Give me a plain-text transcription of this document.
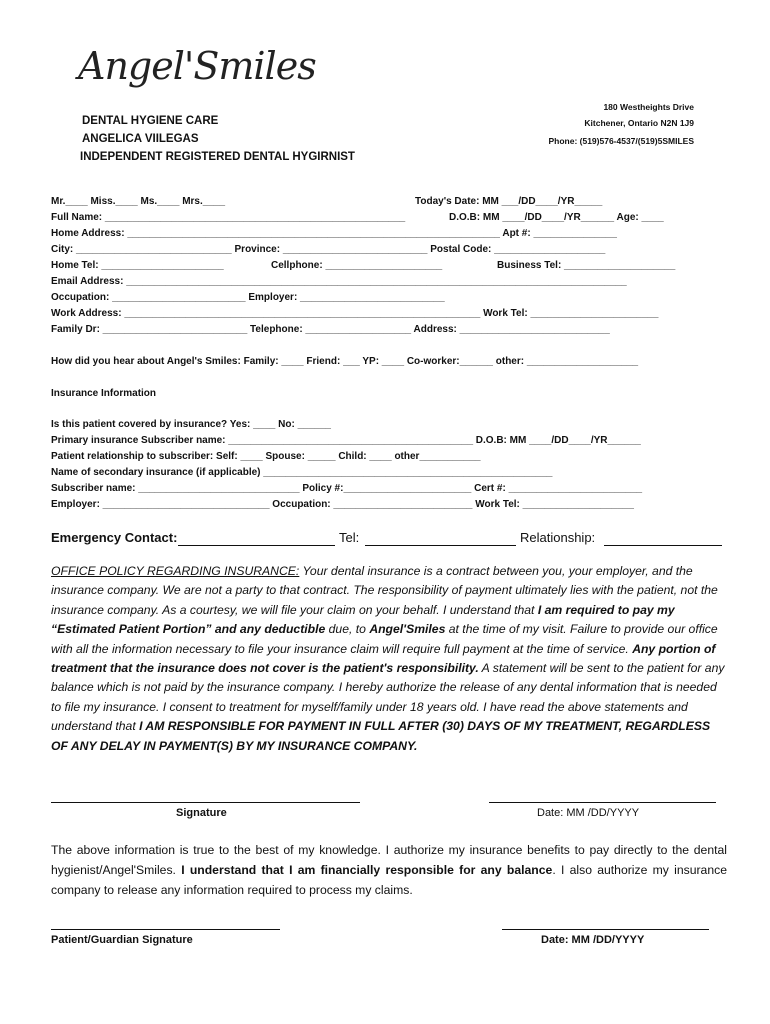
Angel'Smiles
DENTAL HYGIENE CARE
ANGELICA VIILEGAS
INDEPENDENT REGISTERED DENTAL HYGIRNIST
180 Westheights Drive
Kitchener, Ontario N2N 1J9
Phone: (519)576-4537/(519)5SMILES

Mr.____ Miss.____ Ms.____ Mrs.____

	Today's Date: MM ___/DD____/YR_____

Full Name: ______________________________________________________

	D.O.B: MM ____/DD____/YR______ Age: ____

Home Address: ___________________________________________________________________ Apt #: _______________

City: ____________________________ Province: __________________________ Postal Code: ____________________

Home Tel: ______________________

	Cellphone: _____________________

	Business Tel: ____________________

Email Address: __________________________________________________________________________________________

Occupation: ________________________ Employer: __________________________

Work Address: ________________________________________________________________ Work Tel: _______________________

Family Dr: __________________________ Telephone: ___________________ Address: ___________________________

How did you hear about Angel's Smiles: Family: ____ Friend: ___ YP: ____ Co-worker:______ other: ____________________

Insurance Information

Is this patient covered by insurance? Yes: ____ No: ______

Primary insurance Subscriber name: ____________________________________________ D.O.B: MM ____/DD____/YR______

Patient relationship to subscriber: Self: ____ Spouse: _____ Child: ____ other___________

Name of secondary insurance (if applicable) ____________________________________________________

Subscriber name: _____________________________ Policy #:_______________________ Cert #: ________________________

Employer: ______________________________ Occupation: _________________________ Work Tel: ____________________

Emergency Contact:	Tel:	Relationship:
OFFICE POLICY REGARDING INSURANCE: Your dental insurance is a contract between you, your employer, and the insurance company. We are not a party to that contract. The responsibility of payment ultimately lies with the patient, not the insurance company. As a courtesy, we will file your claim on your behalf. I understand that I am required to pay my “Estimated Patient Portion” and any deductible due, to Angel'Smiles at the time of my visit. Failure to provide our office with all the information necessary to file your insurance claim will require full payment at the time of service. Any portion of treatment that the insurance does not cover is the patient's responsibility. A statement will be sent to the patient for any balance which is not paid by the insurance company. I hereby authorize the release of any dental information that is needed to file my insurance. I consent to treatment for myself/family under 18 years old. I have read the above statements and understand that I AM RESPONSIBLE FOR PAYMENT IN FULL AFTER (30) DAYS OF MY TREATMENT, REGARDLESS OF ANY DELAY IN PAYMENT(S) BY MY INSURANCE COMPANY.
Signature	Date: MM /DD/YYYY
The above information is true to the best of my knowledge. I authorize my insurance benefits to pay directly to the dental hygienist/Angel'Smiles. I understand that I am financially responsible for any balance. I also authorize my insurance company to release any information required to process my claims.
Patient/Guardian Signature	Date: MM /DD/YYYY
